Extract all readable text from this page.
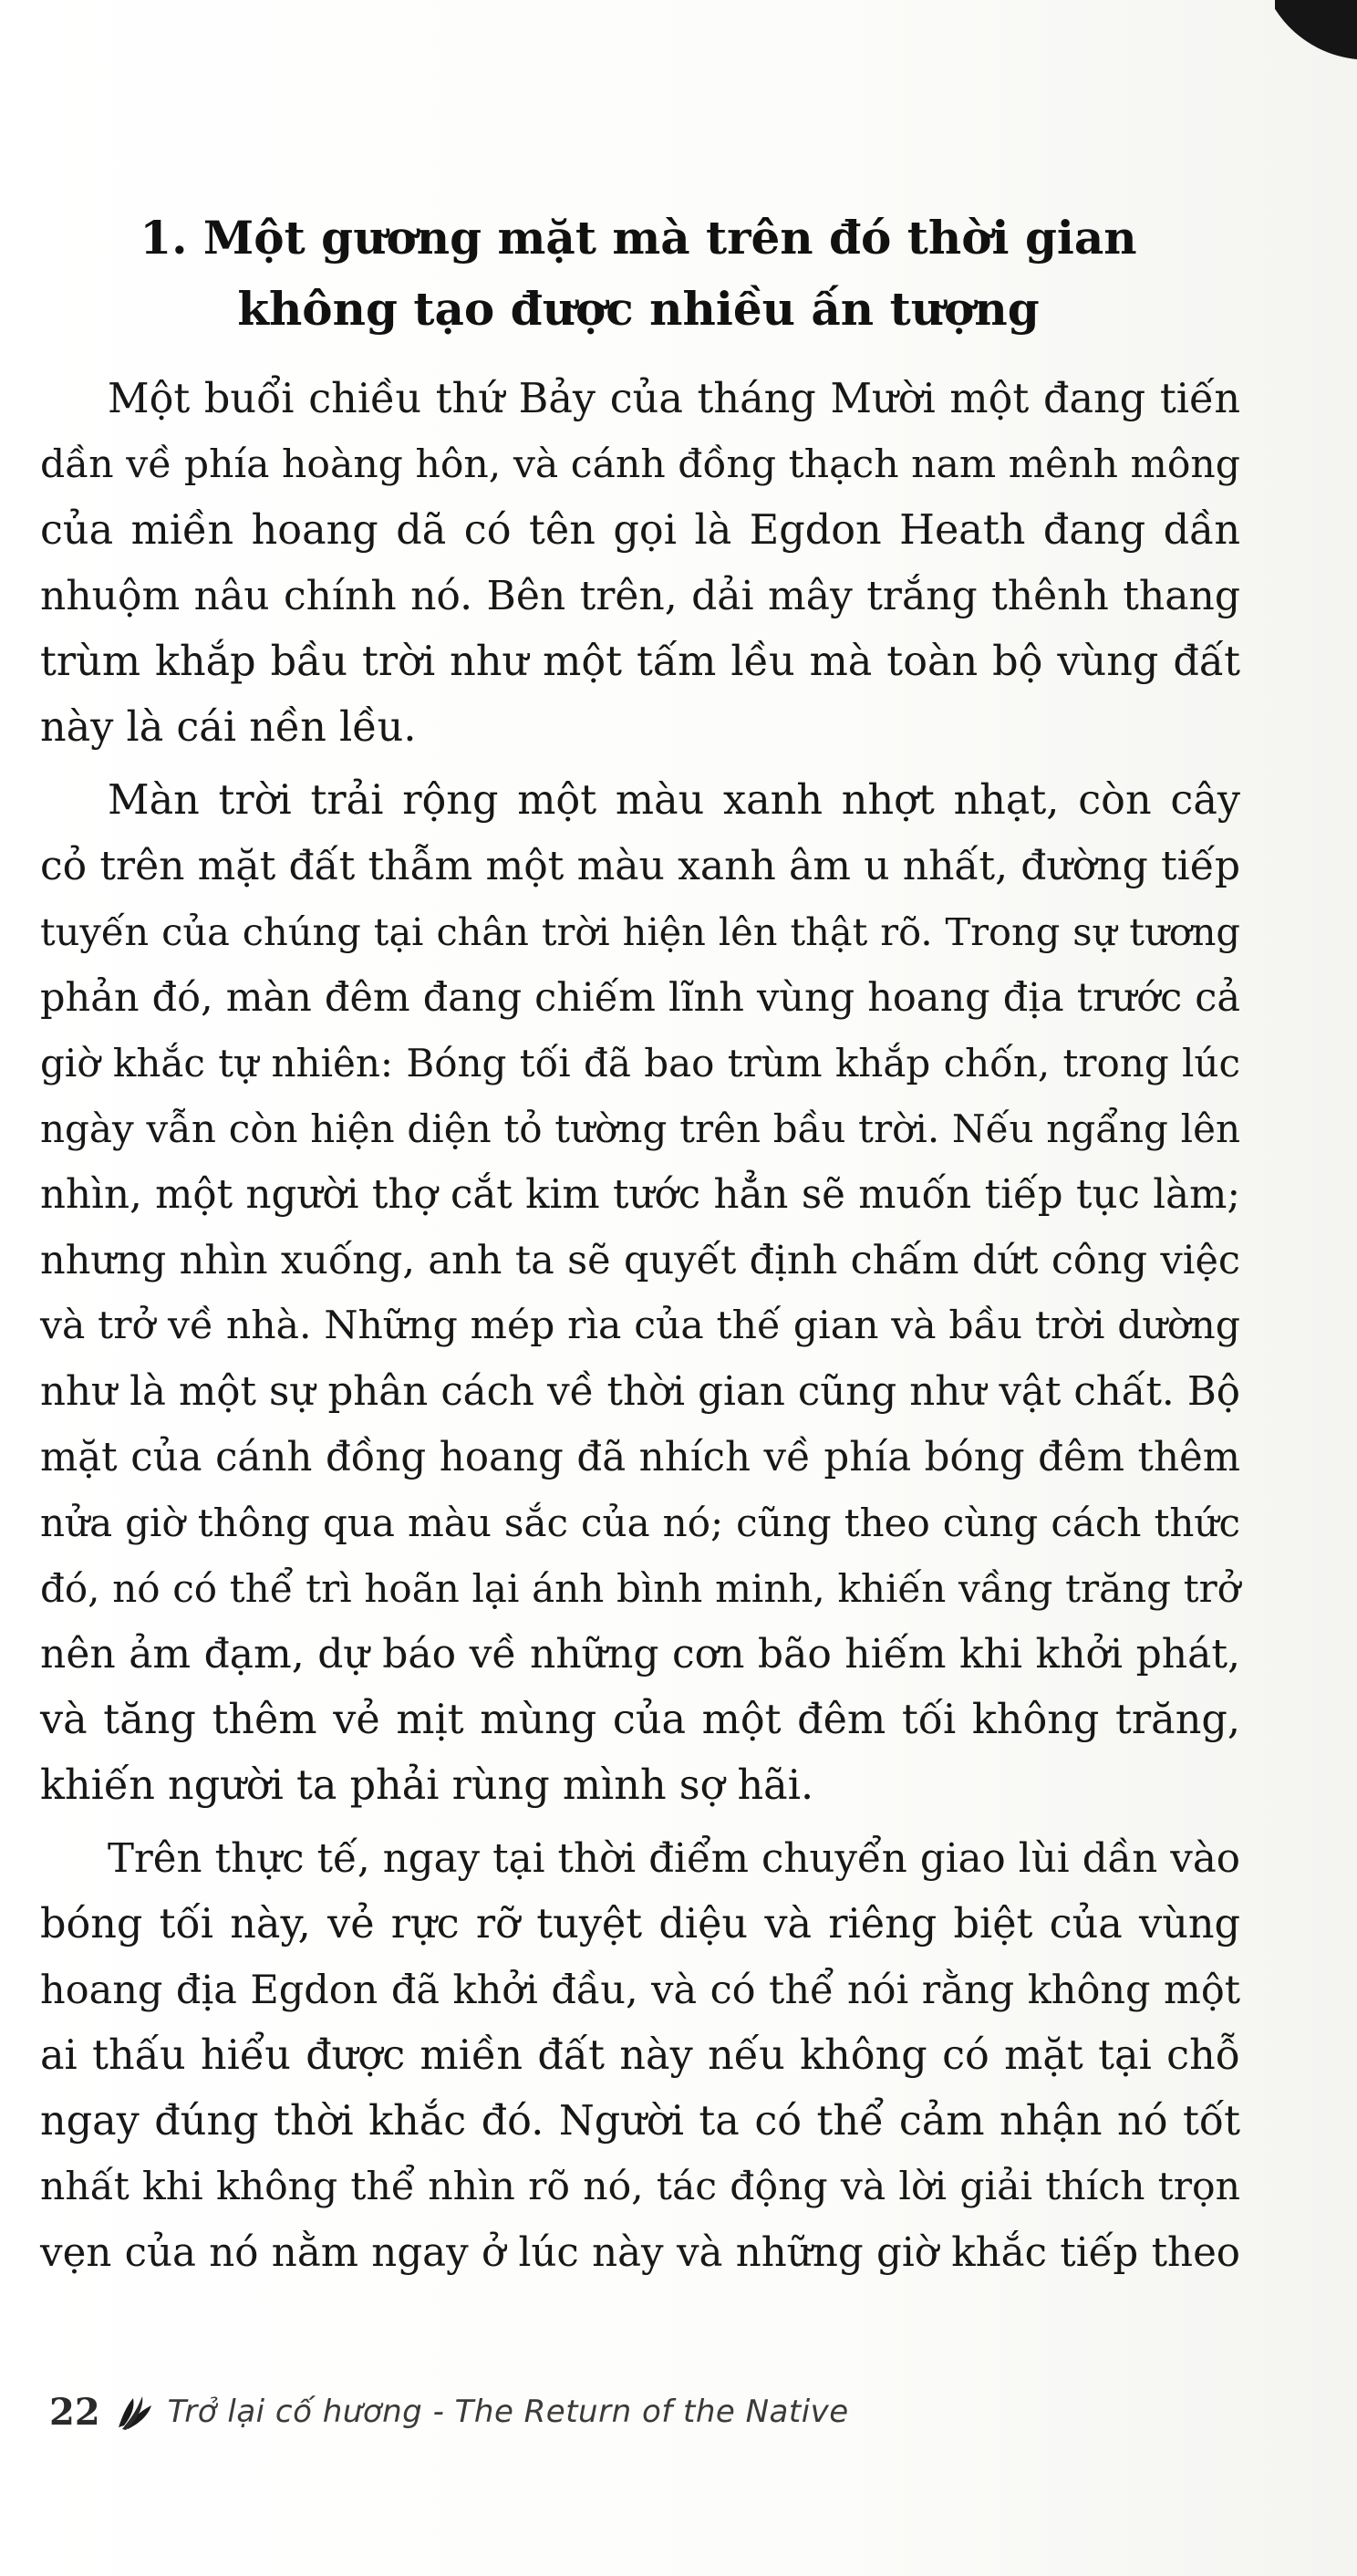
1. Một gương mặt mà trên đó thời gian
không tạo được nhiều ấn tượng
Một buổi chiều thứ Bảy của tháng Mười một đang tiến
dần về phía hoàng hôn, và cánh đồng thạch nam mênh mông
của miền hoang dã có tên gọi là Egdon Heath đang dần
nhuộm nâu chính nó. Bên trên, dải mây trắng thênh thang
trùm khắp bầu trời như một tấm lều mà toàn bộ vùng đất
này là cái nền lều.
Màn trời trải rộng một màu xanh nhợt nhạt, còn cây
cỏ trên mặt đất thẫm một màu xanh âm u nhất, đường tiếp
tuyến của chúng tại chân trời hiện lên thật rõ. Trong sự tương
phản đó, màn đêm đang chiếm lĩnh vùng hoang địa trước cả
giờ khắc tự nhiên: Bóng tối đã bao trùm khắp chốn, trong lúc
ngày vẫn còn hiện diện tỏ tường trên bầu trời. Nếu ngẩng lên
nhìn, một người thợ cắt kim tước hẳn sẽ muốn tiếp tục làm;
nhưng nhìn xuống, anh ta sẽ quyết định chấm dứt công việc
và trở về nhà. Những mép rìa của thế gian và bầu trời dường
như là một sự phân cách về thời gian cũng như vật chất. Bộ
mặt của cánh đồng hoang đã nhích về phía bóng đêm thêm
nửa giờ thông qua màu sắc của nó; cũng theo cùng cách thức
đó, nó có thể trì hoãn lại ánh bình minh, khiến vầng trăng trở
nên ảm đạm, dự báo về những cơn bão hiếm khi khởi phát,
và tăng thêm vẻ mịt mùng của một đêm tối không trăng,
khiến người ta phải rùng mình sợ hãi.
Trên thực tế, ngay tại thời điểm chuyển giao lùi dần vào
bóng tối này, vẻ rực rỡ tuyệt diệu và riêng biệt của vùng
hoang địa Egdon đã khởi đầu, và có thể nói rằng không một
ai thấu hiểu được miền đất này nếu không có mặt tại chỗ
ngay đúng thời khắc đó. Người ta có thể cảm nhận nó tốt
nhất khi không thể nhìn rõ nó, tác động và lời giải thích trọn
vẹn của nó nằm ngay ở lúc này và những giờ khắc tiếp theo
22 Trở lại cố hương - The Return of the Native
